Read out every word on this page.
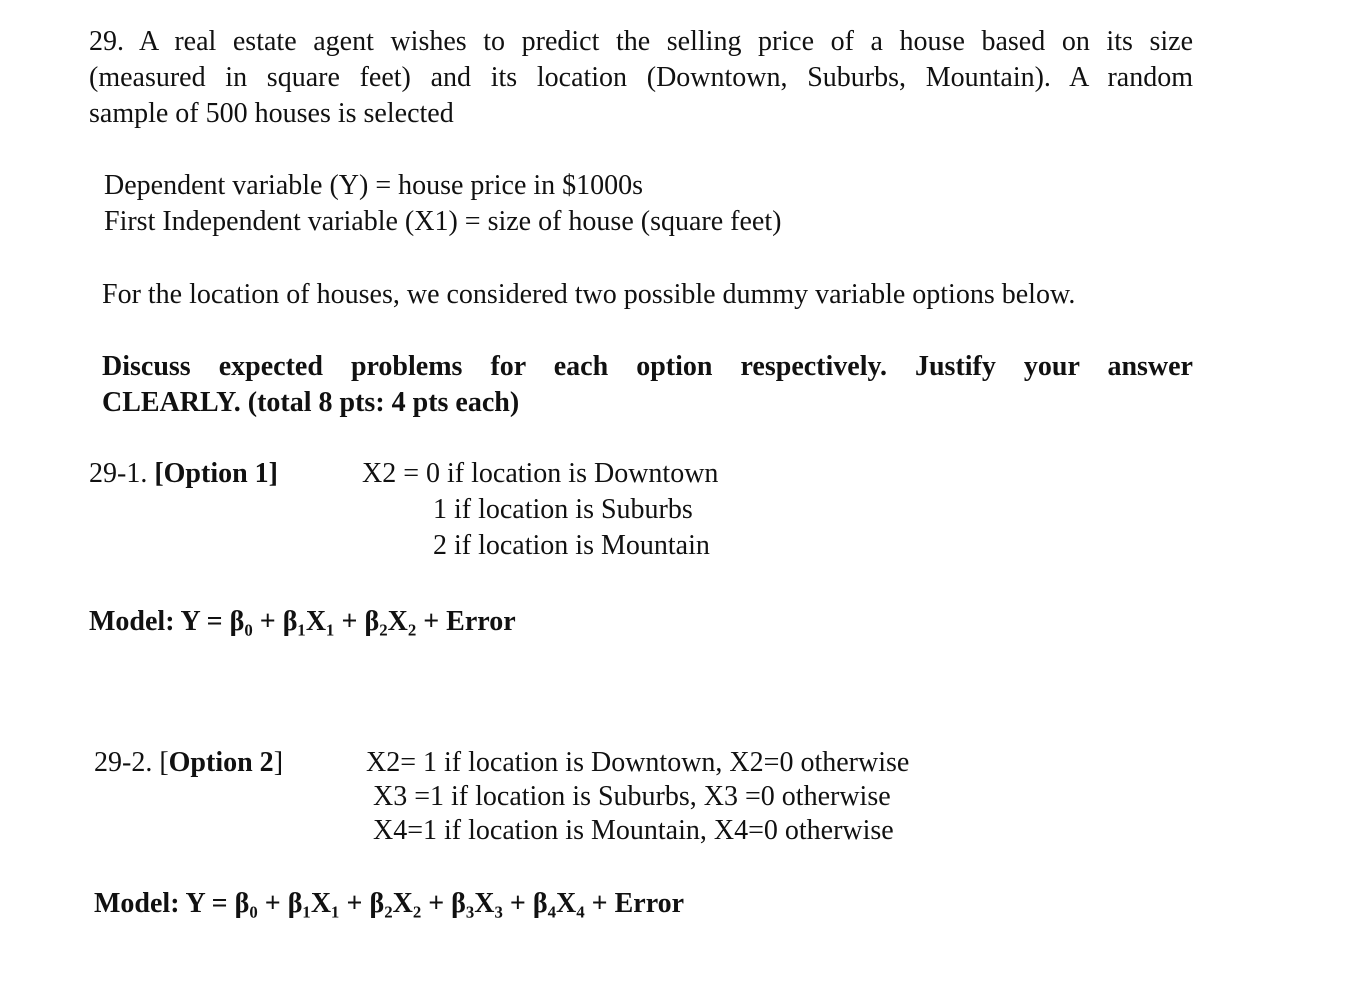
29. A real estate agent wishes to predict the selling price of a house based on its size
(measured in square feet) and its location (Downtown, Suburbs, Mountain). A random
sample of 500 houses is selected
Dependent variable (Y) = house price in $1000s
First Independent variable (X1) = size of house (square feet)
For the location of houses, we considered two possible dummy variable options below.
Discuss expected problems for each option respectively. Justify your answer
CLEARLY. (total 8 pts: 4 pts each)
29-1. [Option 1]	X2 = 0 if location is Downtown
1 if location is Suburbs
2 if location is Mountain
Model: Y = β₀ + β₁X₁ + β₂X₂ + Error
29-2. [Option 2]	X2= 1 if location is Downtown, X2=0 otherwise
X3 =1 if location is Suburbs, X3 =0 otherwise
X4=1 if location is Mountain, X4=0 otherwise
Model: Y = β₀ + β₁X₁ + β₂X₂ + β₃X₃ + β₄X₄ + Error
